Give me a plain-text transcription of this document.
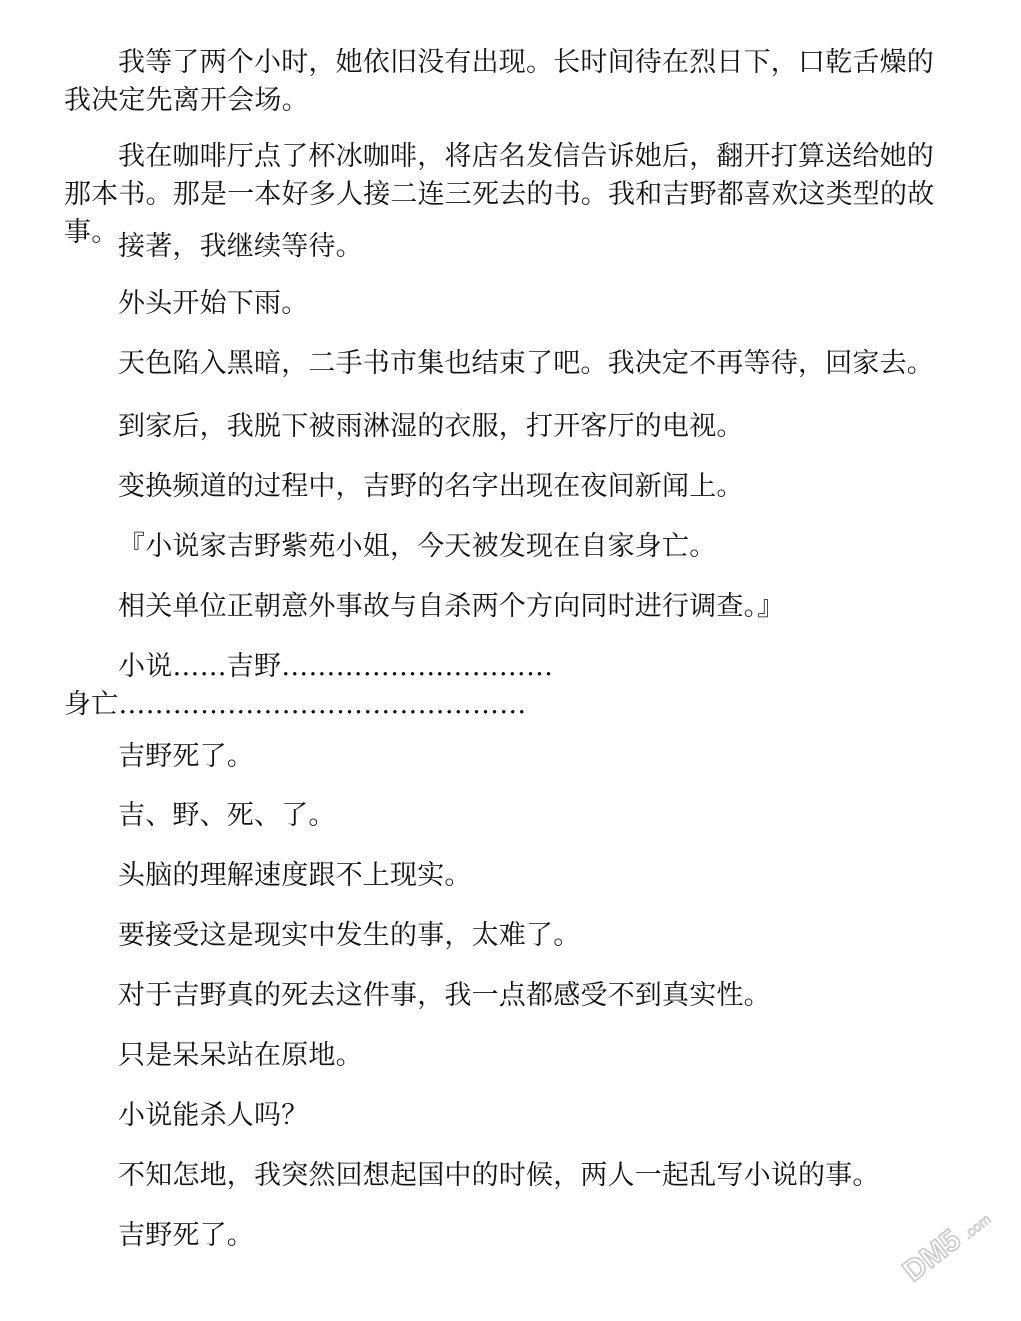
我等了两个小时，她依旧没有出现。长时间待在烈日下，口乾舌燥的我决定先离开会场。

我在咖啡厅点了杯冰咖啡，将店名发信告诉她后，翻开打算送给她的那本书。那是一本好多人接二连三死去的书。我和吉野都喜欢这类型的故事。 接著，我继续等待。

外头开始下雨。

天色陷入黑暗，二手书市集也结束了吧。我决定不再等待，回家去。

到家后，我脱下被雨淋湿的衣服，打开客厅的电视。

变换频道的过程中，吉野的名字出现在夜间新闻上。

『小说家吉野紫苑小姐，今天被发现在自家身亡。

相关单位正朝意外事故与自杀两个方向同时进行调查。』

小说……吉野…………………………身亡………………………………………

吉野死了。

吉、野、死、了。

头脑的理解速度跟不上现实。

要接受这是现实中发生的事，太难了。

对于吉野真的死去这件事，我一点都感受不到真实性。

只是呆呆站在原地。

小说能杀人吗？

不知怎地，我突然回想起国中的时候，两人一起乱写小说的事。

吉野死了。	DM5
.com
